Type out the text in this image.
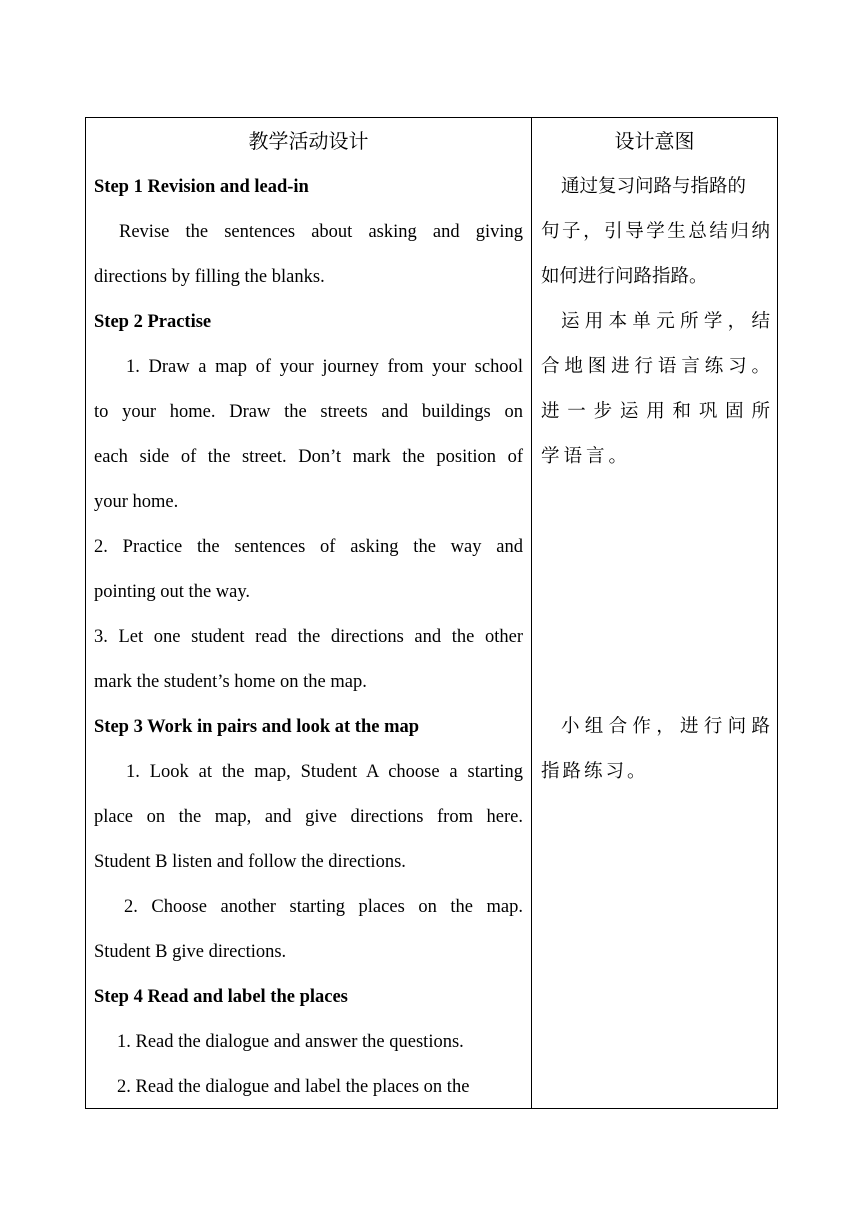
教学活动设计
Step 1 Revision and lead-in
Revise the sentences about asking and giving
directions by filling the blanks.
Step 2 Practise
1. Draw a map of your journey from your school
to your home. Draw the streets and buildings on
each side of the street. Don’t mark the position of
your home.
2. Practice the sentences of asking the way and
pointing out the way.
3. Let one student read the directions and the other
mark the student’s home on the map.
Step 3 Work in pairs and look at the map
1. Look at the map, Student A choose a starting
place on the map, and give directions from here.
Student B listen and follow the directions.
2. Choose another starting places on the map.
Student B give directions.
Step 4 Read and label the places
1. Read the dialogue and answer the questions.
2. Read the dialogue and label the places on the
设计意图
通过复习问路与指路的
句子，引导学生总结归纳
如何进行问路指路。
运用本单元所学，结
合地图进行语言练习。
进一步运用和巩固所
学语言。
小组合作，进行问路
指路练习。
